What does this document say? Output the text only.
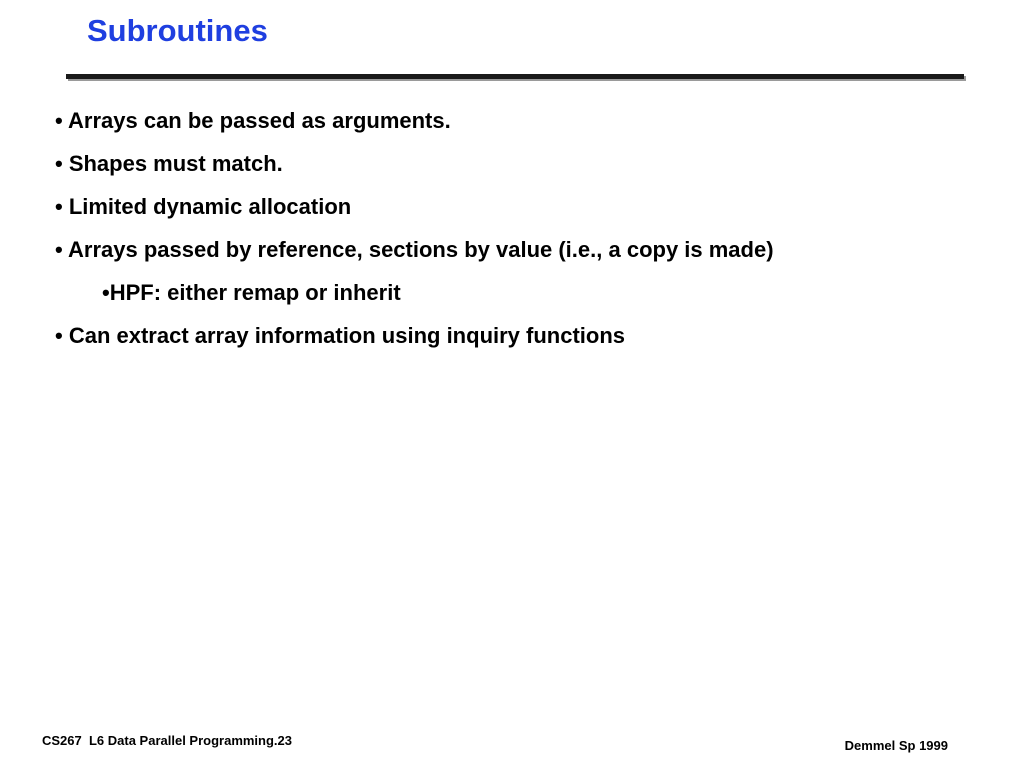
Subroutines
• Arrays can be passed as arguments.
• Shapes must match.
• Limited dynamic allocation
• Arrays passed by reference, sections by value (i.e., a copy is made)
•HPF: either remap or inherit
• Can extract array information using inquiry functions
CS267  L6 Data Parallel Programming.23	Demmel Sp 1999
